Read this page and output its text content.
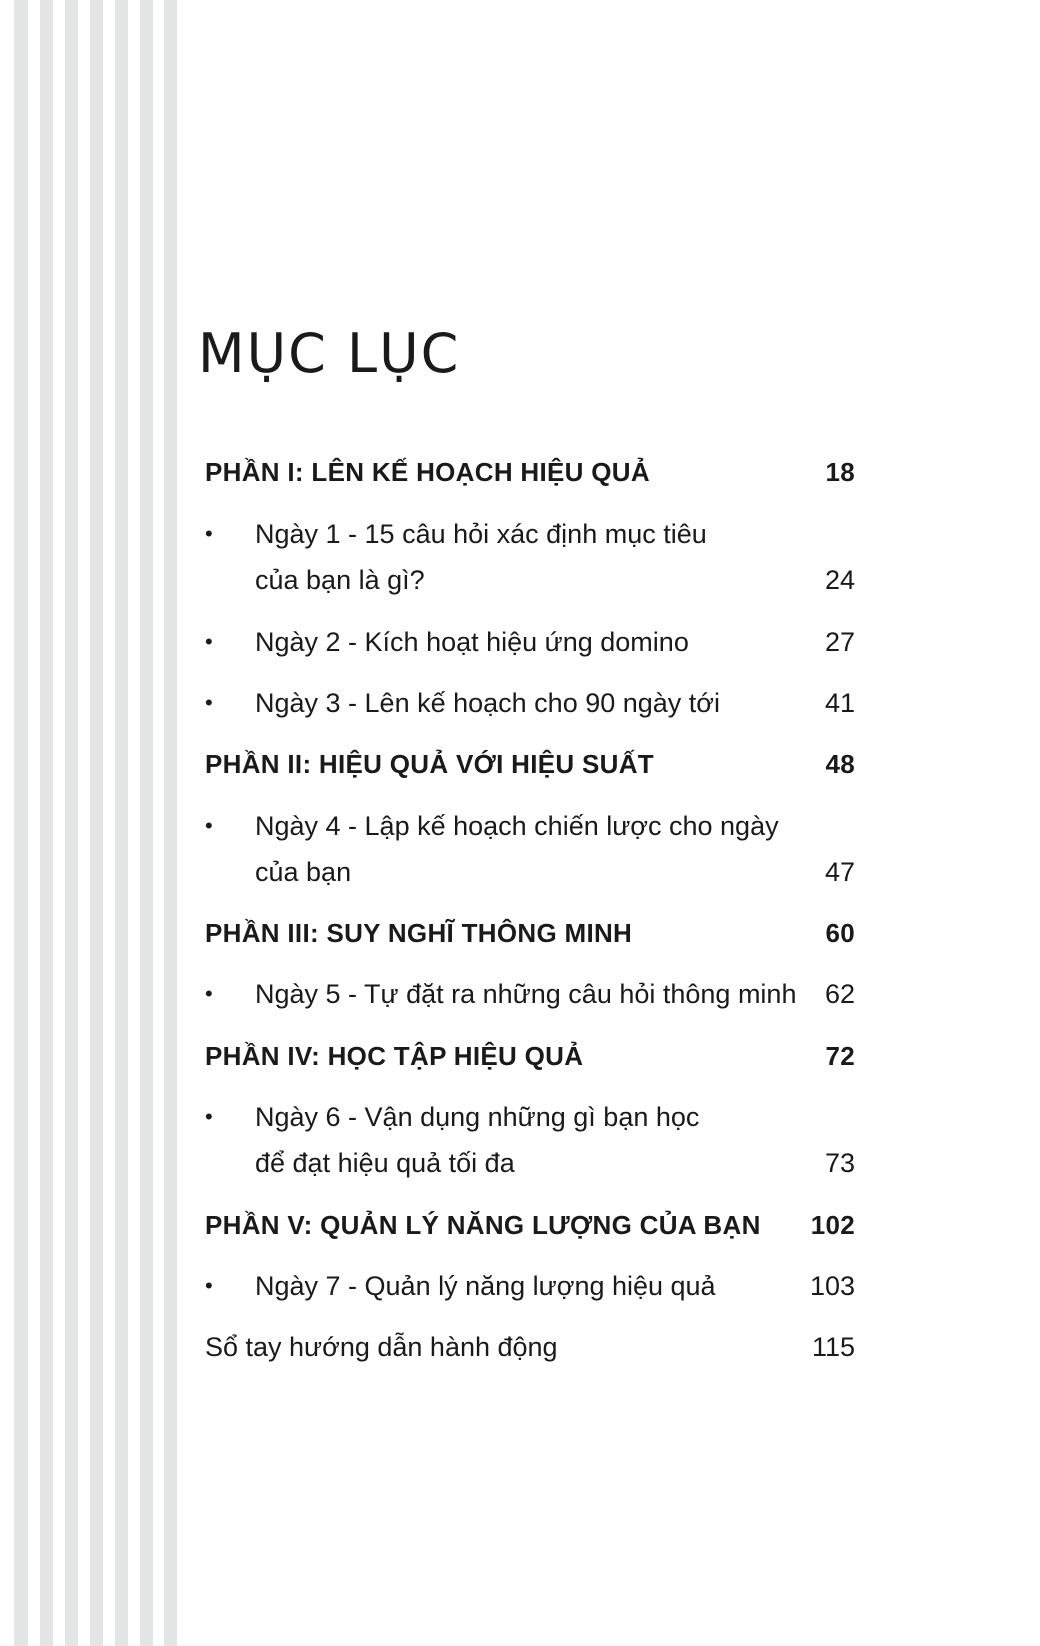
MỤC LỤC
PHẦN I: LÊN KẾ HOẠCH HIỆU QUẢ	18
• Ngày 1 - 15 câu hỏi xác định mục tiêu
của bạn là gì?	24
• Ngày 2 - Kích hoạt hiệu ứng domino	27
• Ngày 3 - Lên kế hoạch cho 90 ngày tới	41
PHẦN II: HIỆU QUẢ VỚI HIỆU SUẤT	48
• Ngày 4 - Lập kế hoạch chiến lược cho ngày
của bạn	47
PHẦN III: SUY NGHĨ THÔNG MINH	60
• Ngày 5 - Tự đặt ra những câu hỏi thông minh 62
PHẦN IV: HỌC TẬP HIỆU QUẢ	72
• Ngày 6 - Vận dụng những gì bạn học
để đạt hiệu quả tối đa	73
PHẦN V: QUẢN LÝ NĂNG LƯỢNG CỦA BẠN 102
• Ngày 7 - Quản lý năng lượng hiệu quả	103
Sổ tay hướng dẫn hành động	115
